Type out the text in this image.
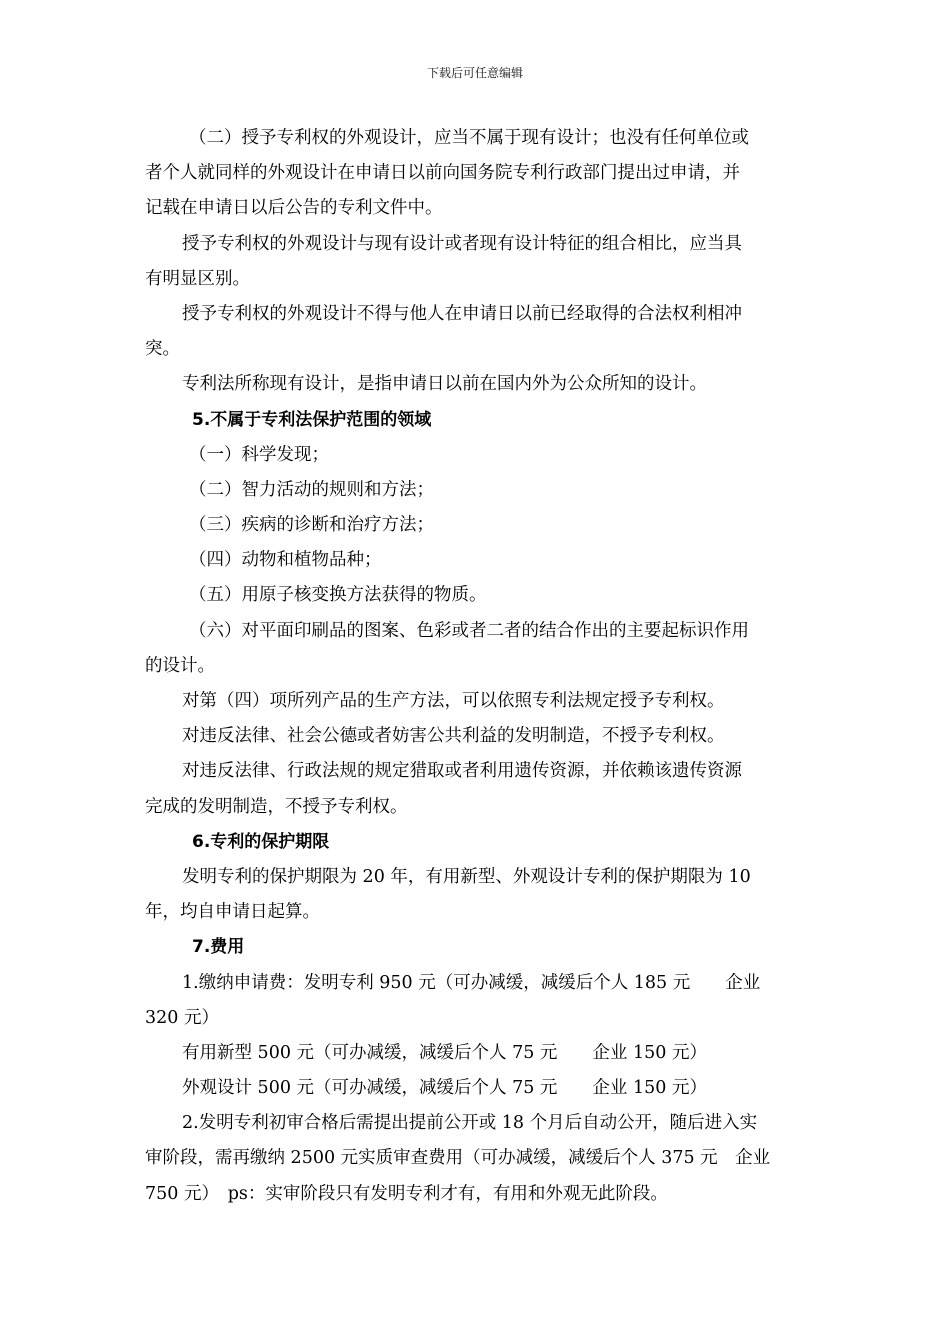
下载后可任意编辑
（二）授予专利权的外观设计，应当不属于现有设计；也没有任何单位或
者个人就同样的外观设计在申请日以前向国务院专利行政部门提出过申请，并
记载在申请日以后公告的专利文件中。
授予专利权的外观设计与现有设计或者现有设计特征的组合相比，应当具
有明显区别。
授予专利权的外观设计不得与他人在申请日以前已经取得的合法权利相冲
突。
专利法所称现有设计，是指申请日以前在国内外为公众所知的设计。
5.不属于专利法保护范围的领域
（一）科学发现；
（二）智力活动的规则和方法；
（三）疾病的诊断和治疗方法；
（四）动物和植物品种；
（五）用原子核变换方法获得的物质。
（六）对平面印刷品的图案、色彩或者二者的结合作出的主要起标识作用
的设计。
对第（四）项所列产品的生产方法，可以依照专利法规定授予专利权。
对违反法律、社会公德或者妨害公共利益的发明制造，不授予专利权。
对违反法律、行政法规的规定猎取或者利用遗传资源，并依赖该遗传资源
完成的发明制造，不授予专利权。
6.专利的保护期限
发明专利的保护期限为 20 年，有用新型、外观设计专利的保护期限为 10
年，均自申请日起算。
7.费用
1.缴纳申请费：发明专利 950 元（可办减缓，减缓后个人 185 元　　企业
320 元）
有用新型 500 元（可办减缓，减缓后个人 75 元　　企业 150 元）
外观设计 500 元（可办减缓，减缓后个人 75 元　　企业 150 元）
2.发明专利初审合格后需提出提前公开或 18 个月后自动公开，随后进入实
审阶段，需再缴纳 2500 元实质审查费用（可办减缓，减缓后个人 375 元　企业
750 元）　ps：实审阶段只有发明专利才有，有用和外观无此阶段。
